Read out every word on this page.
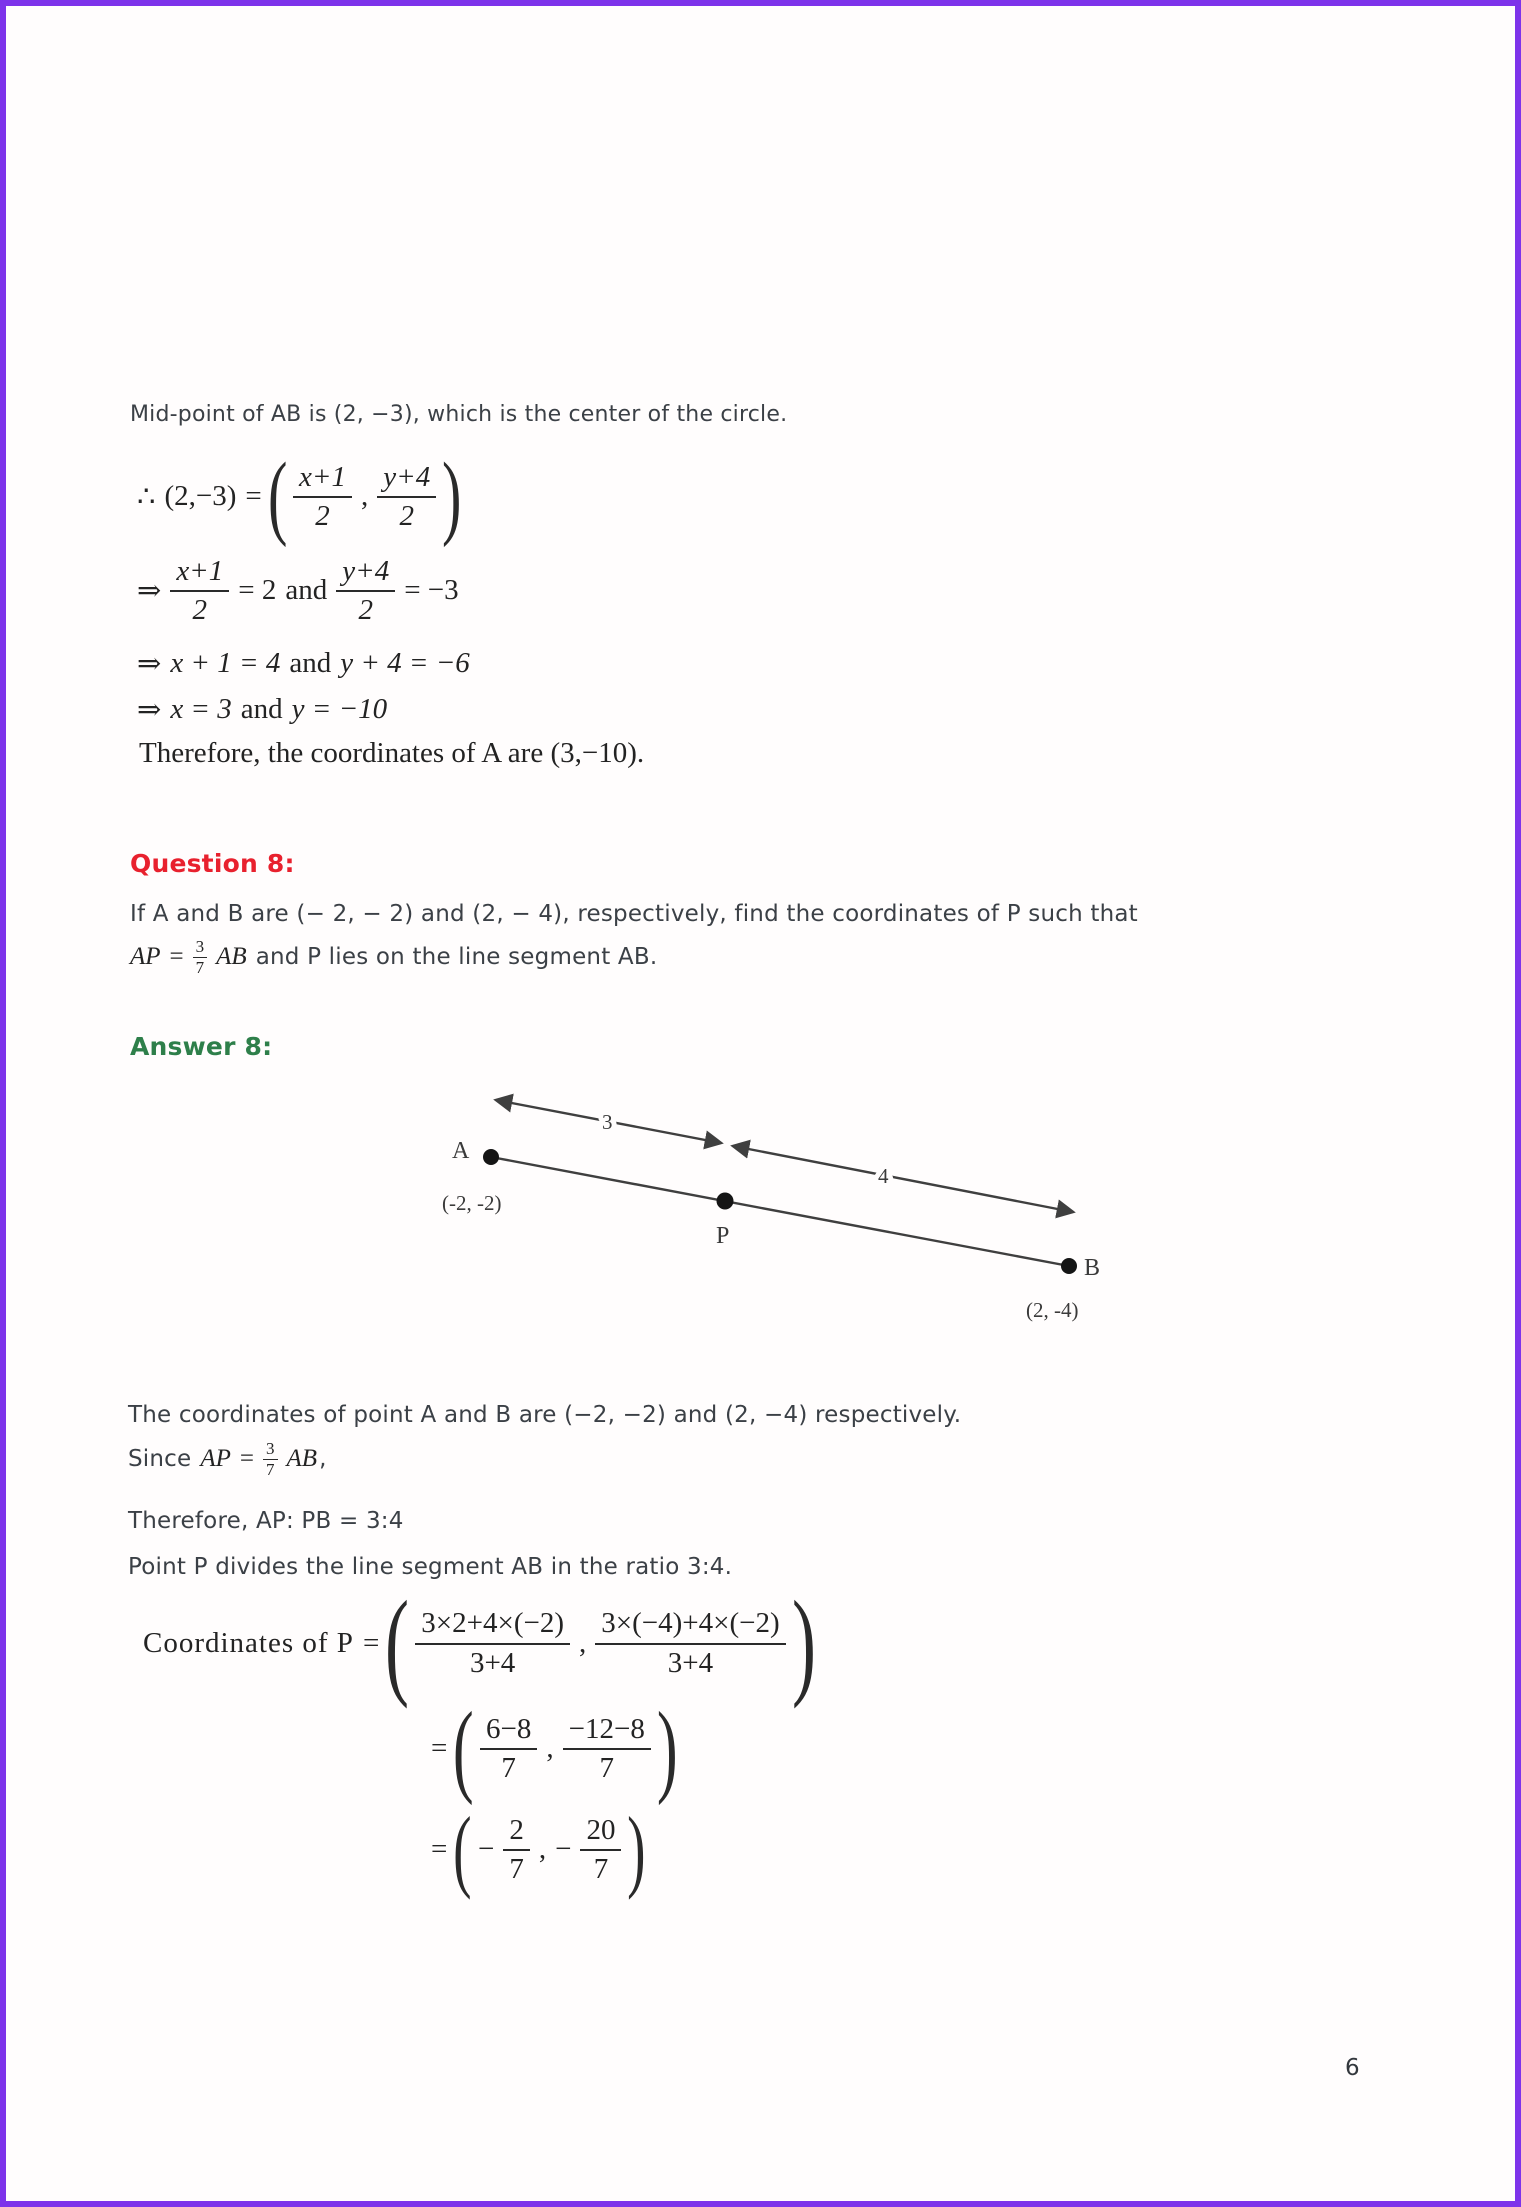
Mid-point of AB is (2, −3), which is the center of the circle.
∴ (2,−3) = ( $\frac{x+1}{2}$ , $\frac{y+4}{2}$ )
⇒ $\frac{x+1}{2} = 2$ and $\frac{y+4}{2} = -3$
⇒ x + 1 = 4 and y + 4 = −6
⇒ x = 3 and y = −10
Therefore, the coordinates of A are (3,−10).
Question 8:
If A and B are (− 2, − 2) and (2, − 4), respectively, find the coordinates of P such that
AP = $\frac{3}{7}$ AB and P lies on the line segment AB.
Answer 8:
A
(-2, -2)
3
4
P
B
(2, -4)
The coordinates of point A and B are (−2, −2) and (2, −4) respectively.
Since AP = $\frac{3}{7}$ AB ,
Therefore, AP: PB = 3:4
Point P divides the line segment AB in the ratio 3:4.
Coordinates of P = ( $\frac{3\times 2+4\times(-2)}{3+4}$ , $\frac{3\times(-4)+4\times(-2)}{3+4}$ )
= ( $\frac{6-8}{7}$ , $\frac{-12-8}{7}$ )
= ( − $\frac{2}{7}$ , − $\frac{20}{7}$ )
6
